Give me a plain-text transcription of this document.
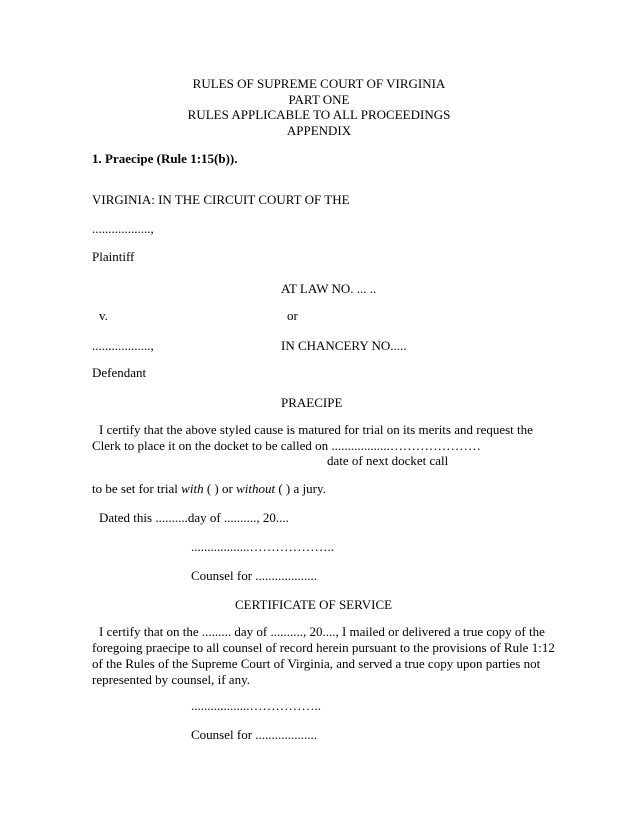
RULES OF SUPREME COURT OF VIRGINIA
PART ONE
RULES APPLICABLE TO ALL PROCEEDINGS
APPENDIX
1. Praecipe (Rule 1:15(b)).
VIRGINIA: IN THE CIRCUIT COURT OF THE
..................,
Plaintiff
AT LAW NO. ... ..
v.	or
..................,	IN CHANCERY NO.....
Defendant
PRAECIPE
I certify that the above styled cause is matured for trial on its merits and request the
Clerk to place it on the docket to be called on ..................…………………
date of next docket call
to be set for trial with ( ) or without ( ) a jury.
Dated this ..........day of .........., 20....
..................………………..
Counsel for ...................
CERTIFICATE OF SERVICE
I certify that on the ......... day of .........., 20...., I mailed or delivered a true copy of the
foregoing praecipe to all counsel of record herein pursuant to the provisions of Rule 1:12
of the Rules of the Supreme Court of Virginia, and served a true copy upon parties not
represented by counsel, if any.
..................……………..
Counsel for ...................
